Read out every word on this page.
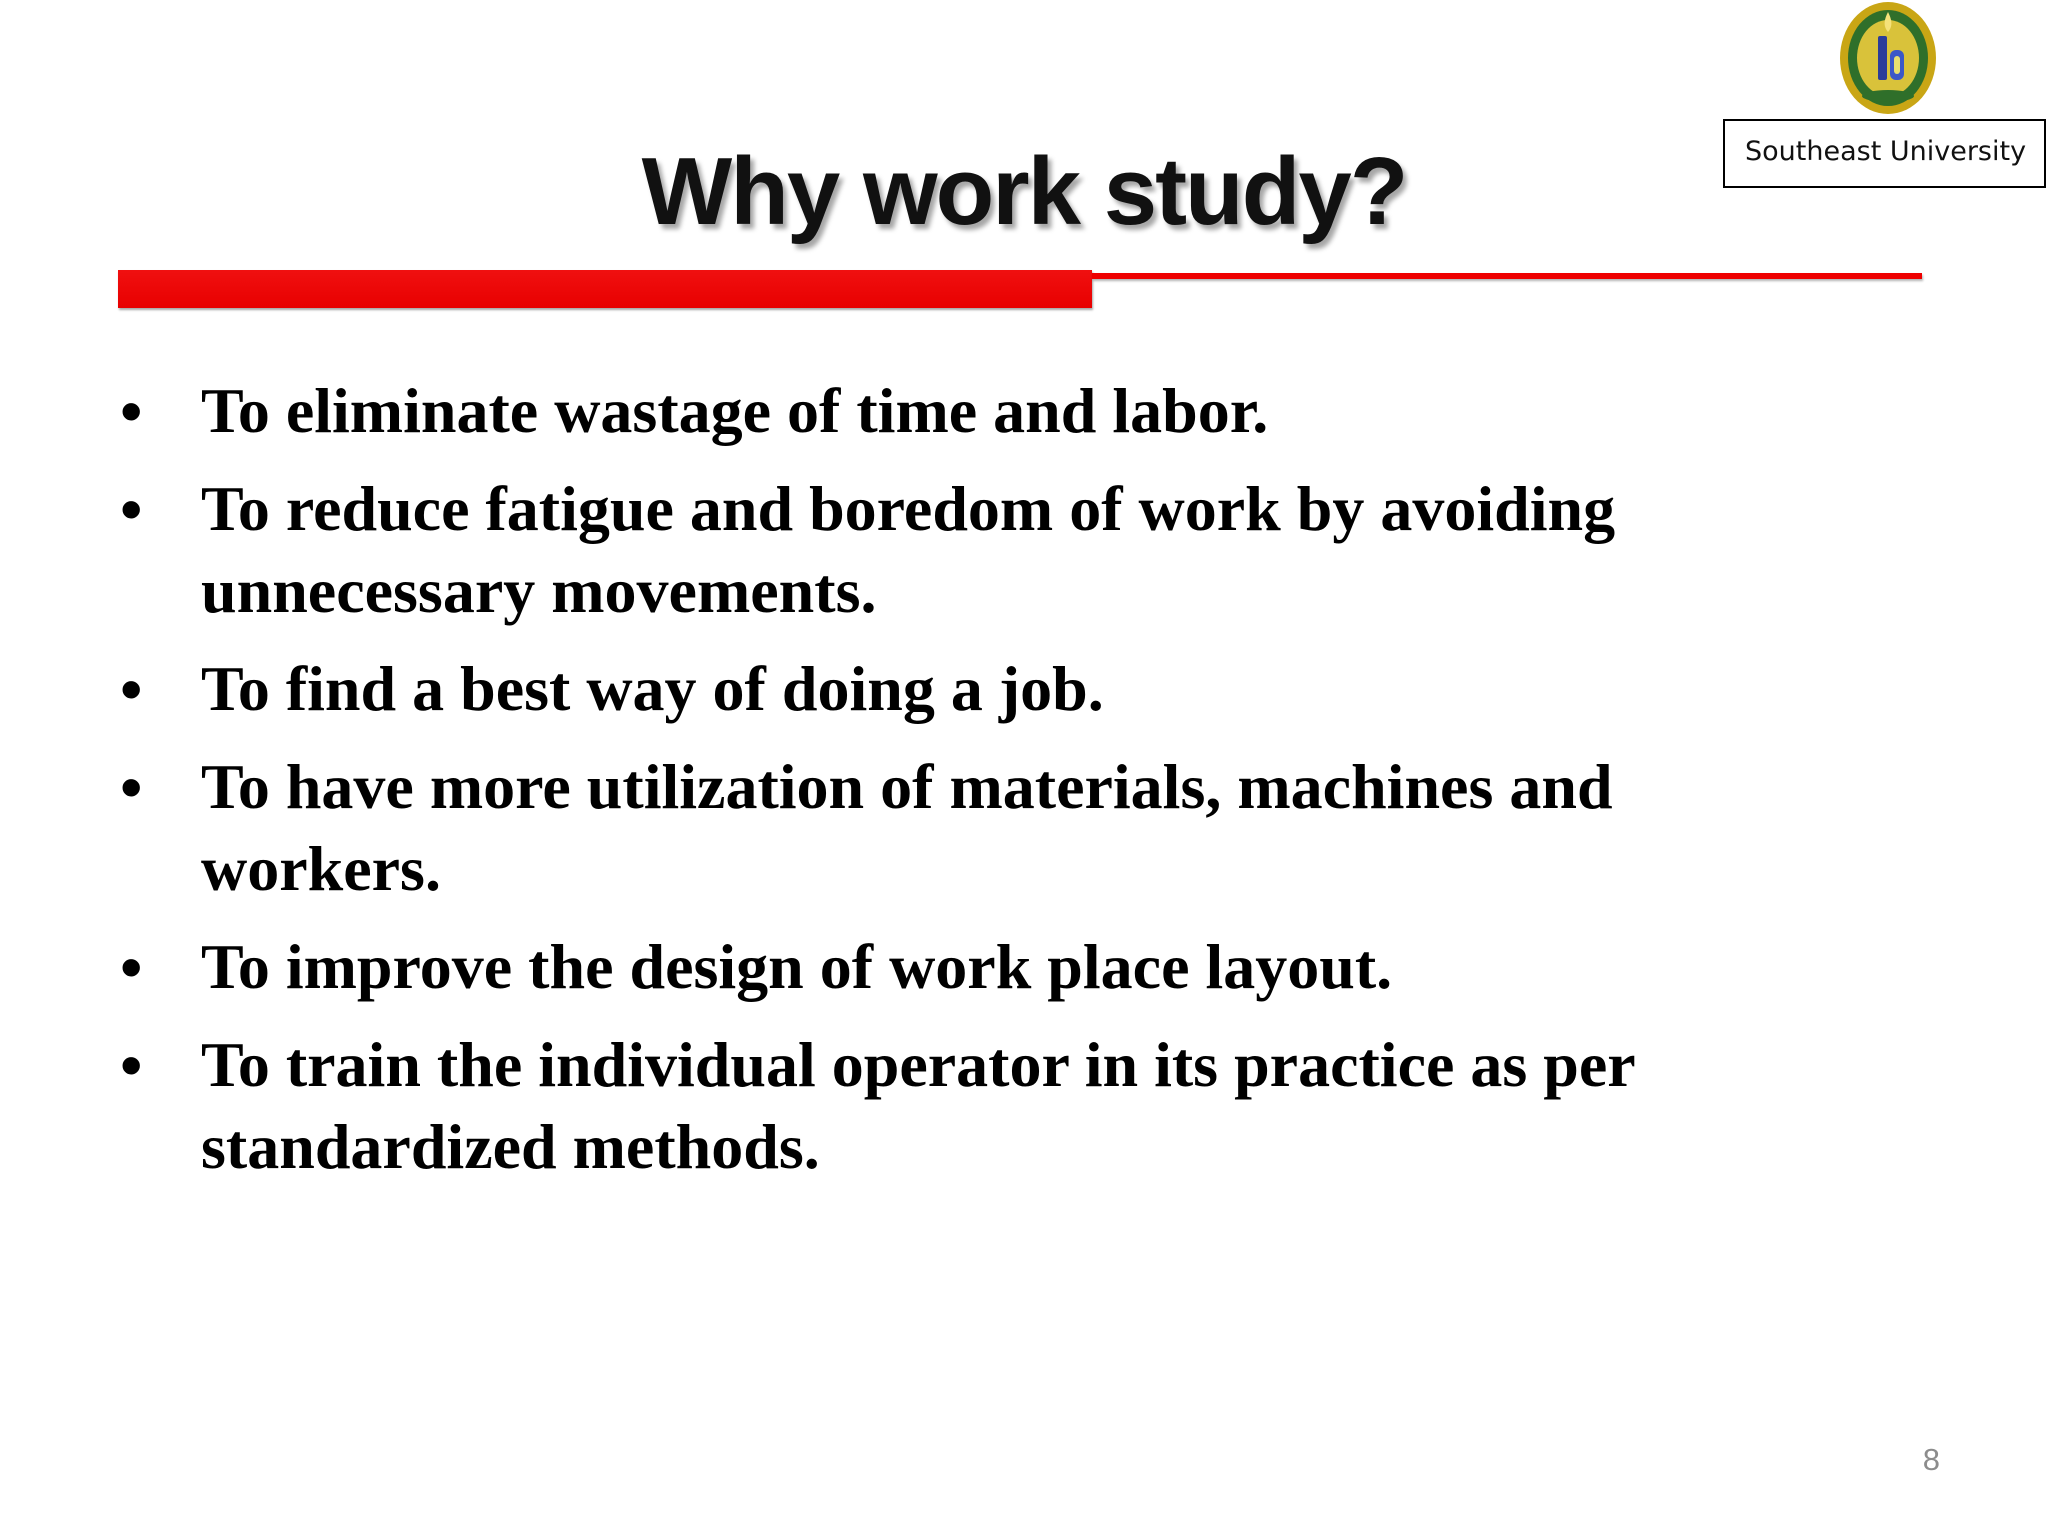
Southeast University
Why work study?
• To eliminate wastage of time and labor.
• To reduce fatigue and boredom of work by avoiding unnecessary movements.
• To find a best way of doing a job.
• To have more utilization of materials, machines and workers.
• To improve the design of work place layout.
• To train the individual operator in its practice as per standardized methods.
8
